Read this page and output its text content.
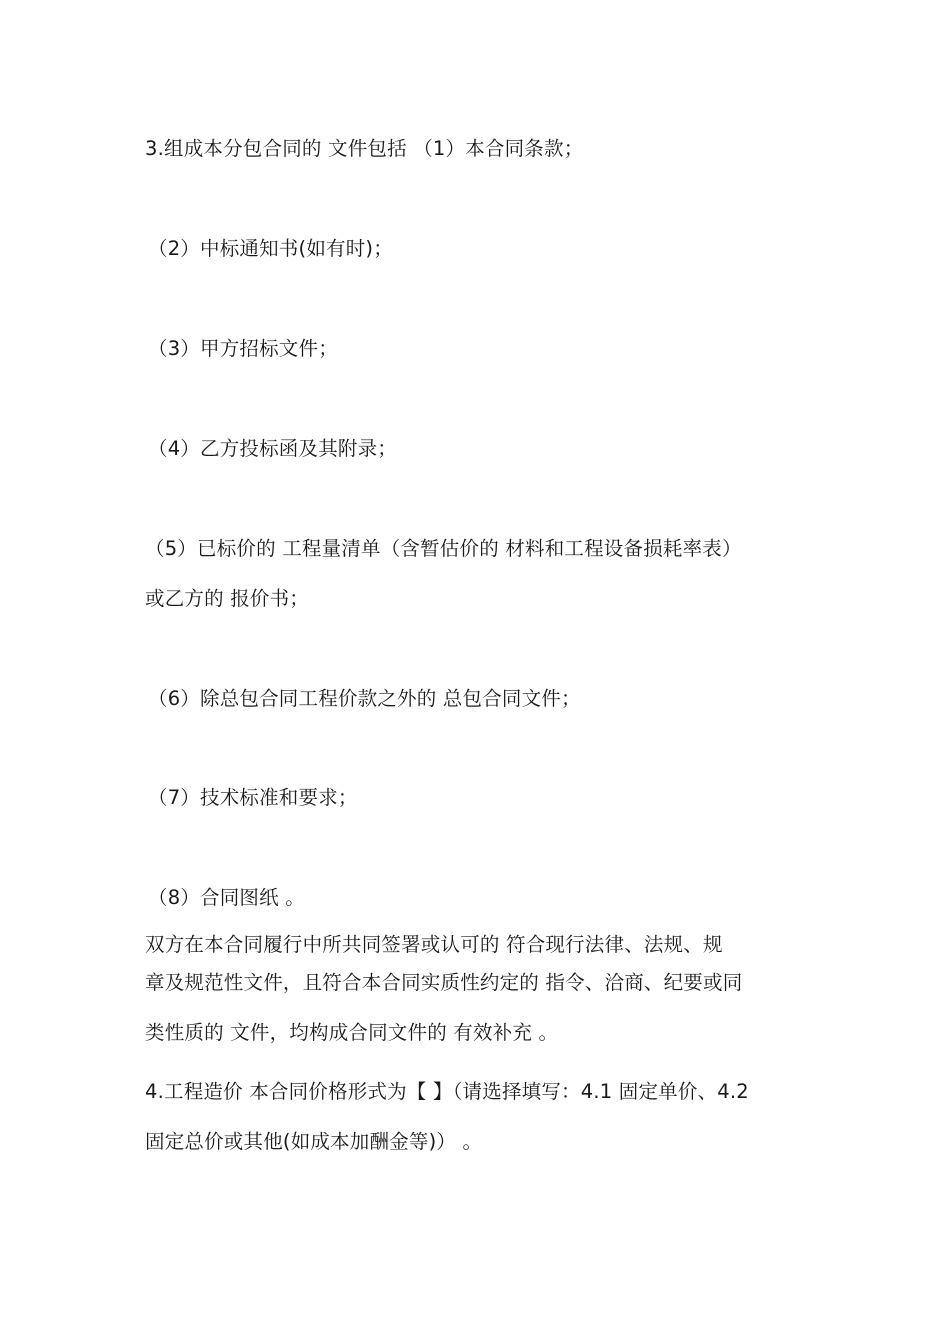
3.组成本分包合同的 文件包括 （1）本合同条款；
（2）中标通知书(如有时)；
（3）甲方招标文件；
（4）乙方投标函及其附录；
（5）已标价的 工程量清单（含暂估价的 材料和工程设备损耗率表）
或乙方的 报价书；
（6）除总包合同工程价款之外的 总包合同文件；
（7）技术标准和要求；
（8）合同图纸 。
双方在本合同履行中所共同签署或认可的 符合现行法律、法规、规
章及规范性文件，且符合本合同实质性约定的 指令、洽商、纪要或同
类性质的 文件，均构成合同文件的 有效补充 。
4.工程造价 本合同价格形式为【 】（请选择填写：4.1 固定单价、4.2
固定总价或其他(如成本加酬金等)） 。
